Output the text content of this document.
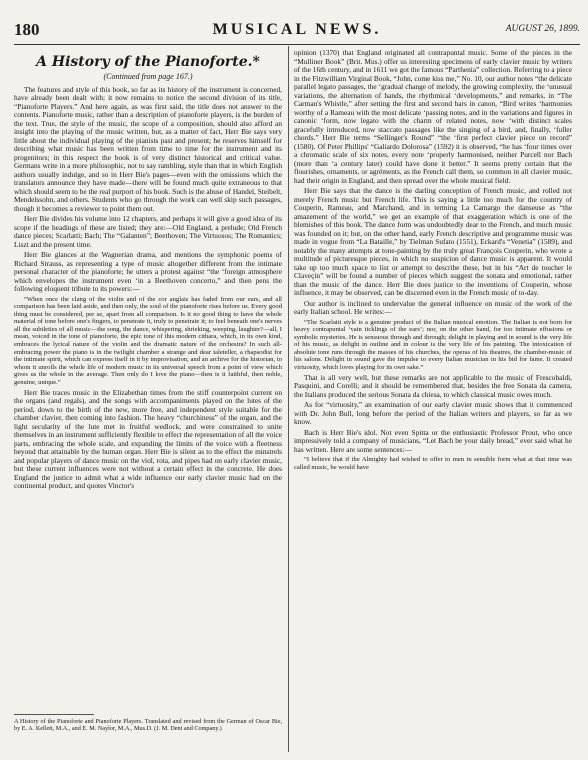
180	MUSICAL NEWS.	AUGUST 26, 1899.
A History of the Pianoforte.*
(Continued from page 167.)

The features and style of this book, so far as its history of the instrument is concerned, have already been dealt with; it now remains to notice the second division of its title, “Pianoforte Players.” And here again, as was first said, the title does not answer to the contents. Pianoforte music, rather than a description of pianoforte players, is the burden of the text. True, the style of the music, the scope of a composition, should also afford an insight into the playing of the music written, but, as a matter of fact, Herr Bie says very little about the individual playing of the pianists past and present; he reserves himself for describing what music has been written from time to time for the instrument and its progenitors; in this respect the book is of very distinct historical and critical value. Germans write in a more philosophic, not to say rambling, style than that in which English authors usually indulge, and so in Herr Bie's pages—even with the omissions which the translators announce they have made—there will be found much quite extraneous to that which should seem to be the real purport of his book. Such is the abuse of Handel, Steibelt, Mendelssohn, and others. Students who go through the work can well skip such passages, though it becomes a reviewer to point them out.

Herr Bie divides his volume into 12 chapters, and perhaps it will give a good idea of its scope if the headings of these are listed; they are:—Old England, a prelude; Old French dance pieces; Scarlatti; Bach; The “Galanten”; Beethoven; The Virtuosos; The Romantics; Liszt and the present time.

Herr Bie glances at the Wagnerian drama, and mentions the symphonic poems of Richard Strauss, as representing a type of music altogether different from the intimate personal character of the pianoforte; he utters a protest against “the ‘foreign atmosphere which envelopes the instrument even ‘in a Beethoven concerto,” and then pens the following eloquent tribute to its powers:—

“When once the clang of the violin and of the cor anglais has faded from our ears, and all comparison has been laid aside, and then only, the soul of the pianoforte rises before us. Every good thing must be considered, per se, apart from all comparison. Is it no good thing to have the whole material of tone before one's fingers, to penetrate it, truly to penetrate it; to feel beneath one's nerves all the subtleties of all music—the song, the dance, whispering, shrieking, weeping, laughter?—all, I mean, voiced in the tone of pianoforte, the epic tone of this modern cithara, which, in its own kind, embraces the lyrical nature of the violin and the dramatic nature of the orchestra? In such all-embracing power the piano is in the twilight chamber a strange and dear taleteller, a rhapsodist for the intimate spirit, which can express itself in it by improvisation, and an archive for the historian, to whom it unrolls the whole life of modern music in its universal speech from a point of view which gives us the whole in the average. Then only do I love the piano—then is it faithful, then noble, genuine, unique.”

Herr Bie traces music in the Elizabethan times from the stiff counterpoint current on the organs (and regals), and the songs with accompaniments played on the lutes of the period, down to the birth of the new, more free, and independent style suitable for the chamber clavier, then coming into fashion. The heavy “churchiness” of the organ, and the light secularity of the lute met in fruitful wedlock, and were constrained to unite themselves in an instrument sufficiently flexible to effect the representation of all the voice parts, embracing the whole scale, and expanding the limits of the voice with a fleetness beyond that attainable by the human organ. Herr Bie is silent as to the effect the minstrels and popular players of dance music on the viol, rota, and pipes had on early clavier music, but these current influences were not without a certain effect in the concrete. He does England the justice to admit what a wide influence our early clavier music had on the continental product, and quotes Vinctor's

opinion (1370) that England originated all contrapuntal music. Some of the pieces in the “Mulliner Book” (Brit. Mus.) offer us interesting specimens of early clavier music by writers of the 16th century, and in 1611 we got the famous “Parthenia” collection. Referring to a piece in the Fitzwilliam Virginal Book, “John, come kiss me,” No. 10, our author notes “the delicate parallel legato passages, the ‘gradual change of melody, the growing complexity, the ‘unusual variations, the alternation of hands, the rhythmical ‘developments,” and remarks, in “The Carman's Whistle,” after setting the first and second bars in canon, “Bird writes ‘harmonies worthy of a Rameau with the most delicate ‘passing notes, and in the variations and figures in canonic ‘form, now legato with the charm of related notes, now ‘with distinct scales gracefully introduced, now staccato passages like the singing of a bird, and, finally, ‘fuller chords.” Herr Bie terms “Sellinger's Round” “the ‘first perfect clavier piece on record” (1580). Of Peter Phillips' “Galiardo Dolorosa” (1592) it is observed, “he has ‘four times over a chromatic scale of six notes, every note ‘properly harmonised, neither Purcell nor Bach (more than ‘a century later) could have done it better.” It seems pretty certain that the flourishes, ornaments, or agréments, as the French call them, so common in all clavier music, had their origin in England, and then spread over the whole musical field.

Herr Bie says that the dance is the darling conception of French music, and rolled not merely French music but French life. This is saying a little too much for the country of Couperin, Rameau, and Marchand, and in terming La Camargo the danseuse as “the amazement of the world,” we get an example of that exaggeration which is one of the blemishes of this book. The dance form was undoubtedly dear to the French, and much music was founded on it; but, on the other hand, early French descriptive and programme music was made in vogue from “La Bataille,” by Tielman Sufato (1551), Eckard's “Venetia” (1589), and notably the many attempts at tone-painting by the truly great François Couperin, who wrote a multitude of picturesque pieces, in which no suspicion of dance music is apparent. It would take up too much space to list or attempt to describe these, but in his “Art de toucher le Claveçin” will be found a number of pieces which suggest the sonata and emotional, rather than the music of the dance. Herr Bie does justice to the inventions of Couperin, whose influence, it may be observed, can be discerned even in the French music of to-day.

Our author is inclined to undervalue the general influence on music of the work of the early Italian school. He writes:—

“The Scarlatti style is a genuine product of the Italian musical emotion. The Italian is not born for heavy contrapuntal ‘vain ticklings of the ears’; nor, on the other hand, for too intimate effusions or symbolic mysteries. He is sensuous through and through; delight in playing and in sound is the very life of his music, as delight in outline and in colour is the very life of his painting. The intoxication of absolute tone runs through the masses of his churches, the operas of his theatres, the chamber-music of his salons. Delight in sound gave the impulse to every Italian musician in his bid for fame. It created virtuosity, which loves playing for its own sake.”

That is all very well, but these remarks are not applicable to the music of Frescobaldi, Pasquini, and Corelli; and it should be remembered that, besides the free Sonata da camera, the Italians produced the serious Sonata da chiesa, to which classical music owes much.

As for “virtuosity,” an examination of our early clavier music shows that it commenced with Dr. John Bull, long before the period of the Italian writers and players, so far as we know.

Bach is Herr Bie's idol. Not even Spitta or the enthusiastic Professor Prout, who once impressively told a company of musicians, “Let Bach be your daily bread,” ever said what he has written. Here are some sentences:—

“I believe that if the Almighty had wished to offer to men in sensible form what at that time was called music, he would have

A History of the Pianoforte and Pianoforte Players. Translated and revised from the German of Oscar Bie, by E. A. Kellett, M.A., and E. M. Naylor, M.A., Mus.D. (J. M. Dent and Company.)
